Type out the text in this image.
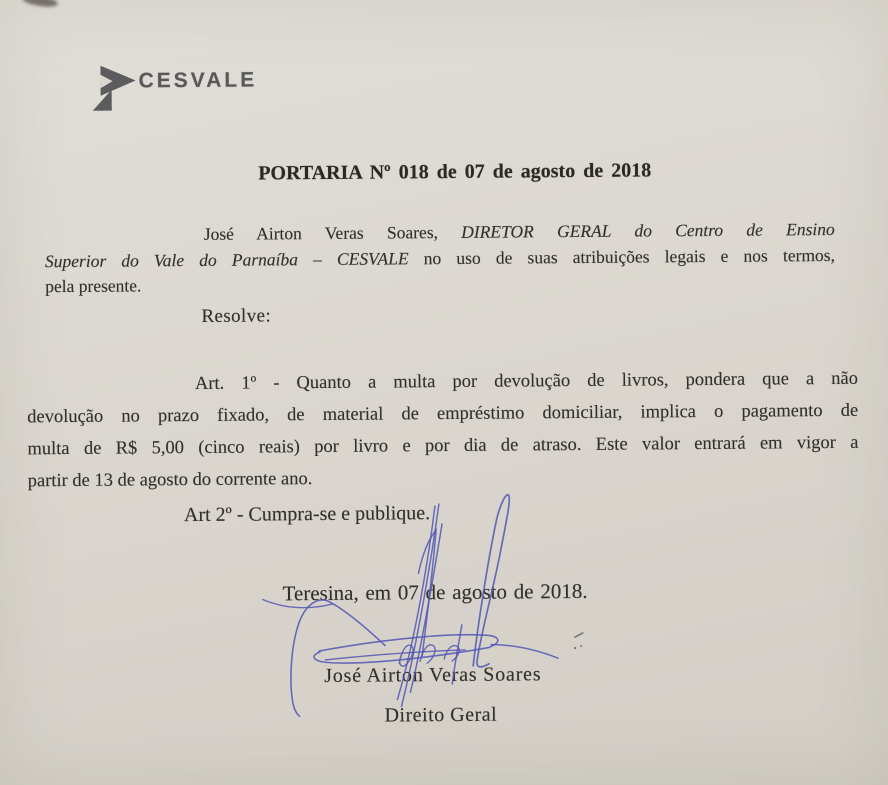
CESVALE
PORTARIA Nº 018 de 07 de agosto de 2018
José Airton Veras Soares, DIRETOR GERAL do Centro de Ensino
Superior do Vale do Parnaíba – CESVALE no uso de suas atribuições legais e nos termos,
pela presente.
Resolve:
Art. 1º - Quanto a multa por devolução de livros, pondera que a não
devolução no prazo fixado, de material de empréstimo domiciliar, implica o pagamento de
multa de R$ 5,00 (cinco reais) por livro e por dia de atraso. Este valor entrará em vigor a
partir de 13 de agosto do corrente ano.
Art 2º - Cumpra-se e publique.
Teresina, em 07 de agosto de 2018.
José Airton Veras Soares
Direito Geral
